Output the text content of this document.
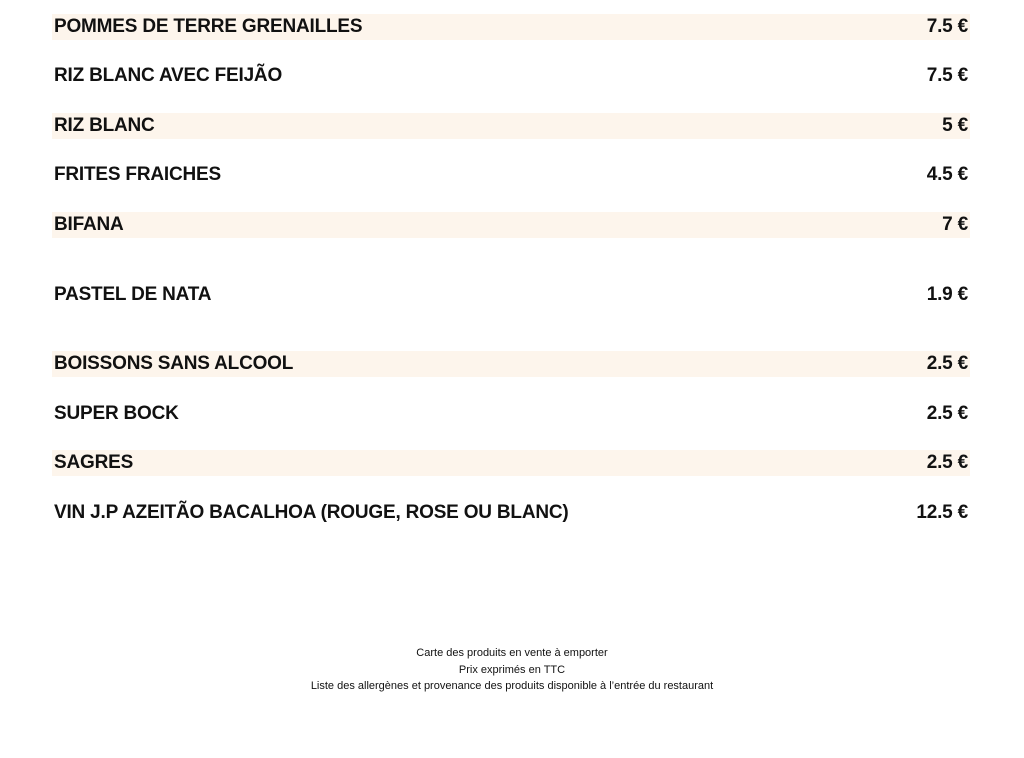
POMMES DE TERRE GRENAILLES	7.5 €
RIZ BLANC AVEC FEIJÃO	7.5 €
RIZ BLANC	5 €
FRITES FRAICHES	4.5 €
BIFANA	7 €
PASTEL DE NATA	1.9 €
BOISSONS SANS ALCOOL	2.5 €
SUPER BOCK	2.5 €
SAGRES	2.5 €
VIN J.P AZEITÃO BACALHOA (ROUGE, ROSE OU BLANC)	12.5 €
Carte des produits en vente à emporter
Prix exprimés en TTC
Liste des allergènes et provenance des produits disponible à l’entrée du restaurant
